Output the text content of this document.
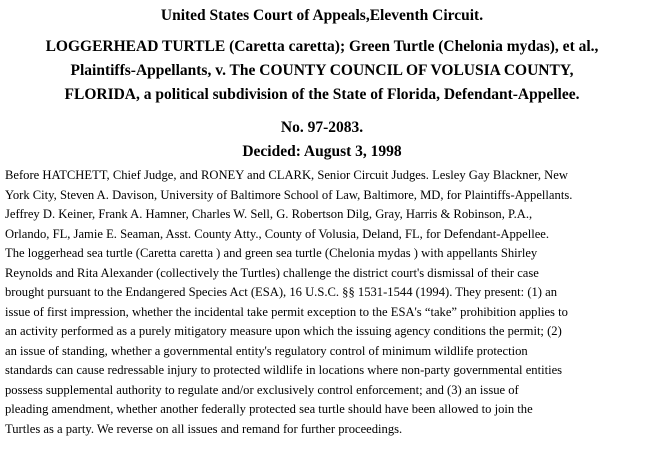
United States Court of Appeals,Eleventh Circuit.
LOGGERHEAD TURTLE (Caretta caretta); Green Turtle (Chelonia mydas), et al.,
Plaintiffs-Appellants, v. The COUNTY COUNCIL OF VOLUSIA COUNTY,
FLORIDA, a political subdivision of the State of Florida, Defendant-Appellee.
No. 97-2083.
Decided: August 3, 1998
Before HATCHETT, Chief Judge, and RONEY and CLARK, Senior Circuit Judges. Lesley Gay Blackner, New
York City, Steven A. Davison, University of Baltimore School of Law, Baltimore, MD, for Plaintiffs-Appellants.
Jeffrey D. Keiner, Frank A. Hamner, Charles W. Sell, G. Robertson Dilg, Gray, Harris & Robinson, P.A.,
Orlando, FL, Jamie E. Seaman, Asst. County Atty., County of Volusia, Deland, FL, for Defendant-Appellee.
The loggerhead sea turtle (Caretta caretta ) and green sea turtle (Chelonia mydas ) with appellants Shirley
Reynolds and Rita Alexander (collectively the Turtles) challenge the district court's dismissal of their case
brought pursuant to the Endangered Species Act (ESA), 16 U.S.C. §§ 1531-1544 (1994). They present: (1) an
issue of first impression, whether the incidental take permit exception to the ESA's “take” prohibition applies to
an activity performed as a purely mitigatory measure upon which the issuing agency conditions the permit; (2)
an issue of standing, whether a governmental entity's regulatory control of minimum wildlife protection
standards can cause redressable injury to protected wildlife in locations where non-party governmental entities
possess supplemental authority to regulate and/or exclusively control enforcement; and (3) an issue of
pleading amendment, whether another federally protected sea turtle should have been allowed to join the
Turtles as a party. We reverse on all issues and remand for further proceedings.
